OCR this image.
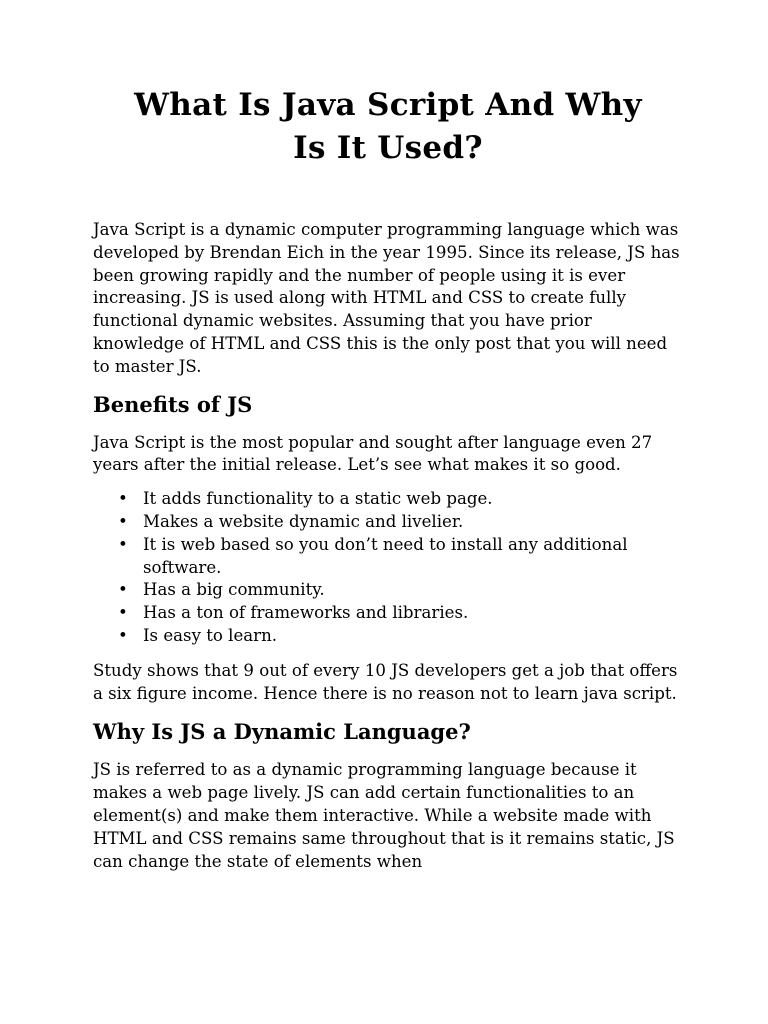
What Is Java Script And Why
Is It Used?

Java Script is a dynamic computer programming language which was developed by Brendan Eich in the year 1995. Since its release, JS has been growing rapidly and the number of people using it is ever increasing. JS is used along with HTML and CSS to create fully functional dynamic websites. Assuming that you have prior knowledge of HTML and CSS this is the only post that you will need to master JS.

Benefits of JS

Java Script is the most popular and sought after language even 27 years after the initial release. Let’s see what makes it so good.

• It adds functionality to a static web page.
• Makes a website dynamic and livelier.
• It is web based so you don’t need to install any additional software.
• Has a big community.
• Has a ton of frameworks and libraries.
• Is easy to learn.

Study shows that 9 out of every 10 JS developers get a job that offers a six figure income. Hence there is no reason not to learn java script.

Why Is JS a Dynamic Language?

JS is referred to as a dynamic programming language because it makes a web page lively. JS can add certain functionalities to an element(s) and make them interactive. While a website made with HTML and CSS remains same throughout that is it remains static, JS can change the state of elements when
